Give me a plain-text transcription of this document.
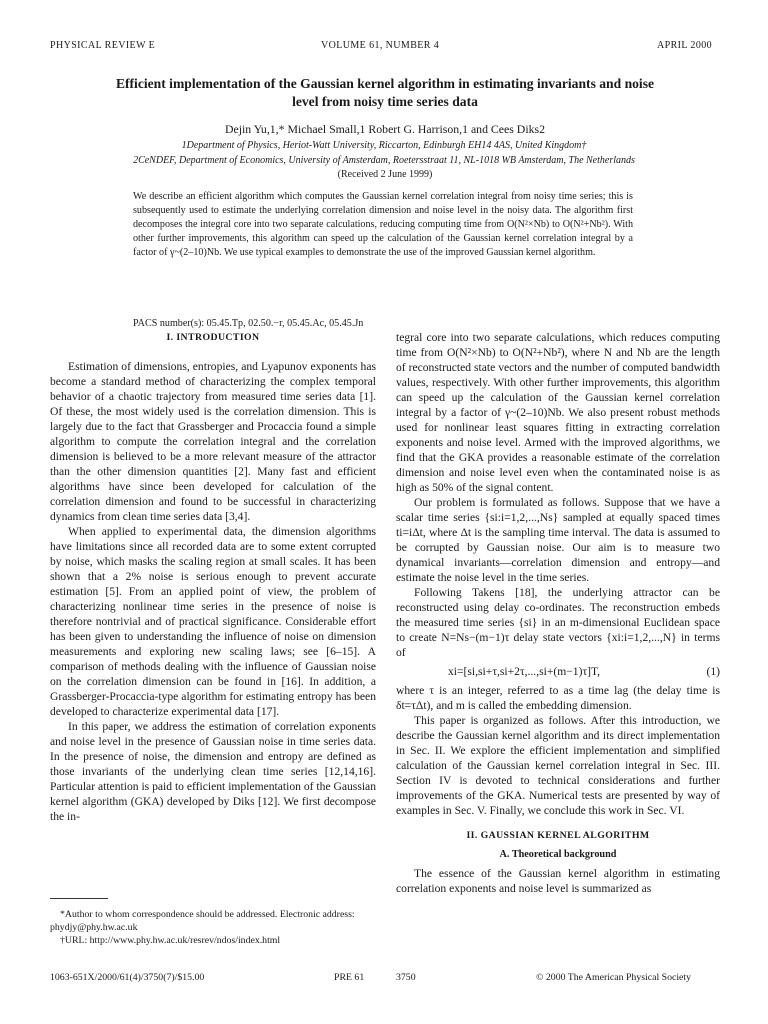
PHYSICAL REVIEW E	VOLUME 61, NUMBER 4	APRIL 2000
Efficient implementation of the Gaussian kernel algorithm in estimating invariants and noise
level from noisy time series data
Dejin Yu,1,* Michael Small,1 Robert G. Harrison,1 and Cees Diks2
1Department of Physics, Heriot-Watt University, Riccarton, Edinburgh EH14 4AS, United Kingdom†
2CeNDEF, Department of Economics, University of Amsterdam, Roetersstraat 11, NL-1018 WB Amsterdam, The Netherlands
(Received 2 June 1999)

We describe an efficient algorithm which computes the Gaussian kernel correlation integral from noisy time series; this is subsequently used to estimate the underlying correlation dimension and noise level in the noisy data. The algorithm first decomposes the integral core into two separate calculations, reducing computing time from O(N²×Nb) to O(N²+Nb²). With other further improvements, this algorithm can speed up the calculation of the Gaussian kernel correlation integral by a factor of γ~(2–10)Nb. We use typical examples to demonstrate the use of the improved Gaussian kernel algorithm.

PACS number(s): 05.45.Tp, 02.50.−r, 05.45.Ac, 05.45.Jn

I. INTRODUCTION

Estimation of dimensions, entropies, and Lyapunov exponents has become a standard method of characterizing the complex temporal behavior of a chaotic trajectory from measured time series data [1]. Of these, the most widely used is the correlation dimension. This is largely due to the fact that Grassberger and Procaccia found a simple algorithm to compute the correlation integral and the correlation dimension is believed to be a more relevant measure of the attractor than the other dimension quantities [2]. Many fast and efficient algorithms have since been developed for calculation of the correlation dimension and found to be successful in characterizing dynamics from clean time series data [3,4].

When applied to experimental data, the dimension algorithms have limitations since all recorded data are to some extent corrupted by noise, which masks the scaling region at small scales. It has been shown that a 2% noise is serious enough to prevent accurate estimation [5]. From an applied point of view, the problem of characterizing nonlinear time series in the presence of noise is therefore nontrivial and of practical significance. Considerable effort has been given to understanding the influence of noise on dimension measurements and exploring new scaling laws; see [6–15]. A comparison of methods dealing with the influence of Gaussian noise on the correlation dimension can be found in [16]. In addition, a Grassberger-Procaccia-type algorithm for estimating entropy has been developed to characterize experimental data [17].

In this paper, we address the estimation of correlation exponents and noise level in the presence of Gaussian noise in time series data. In the presence of noise, the dimension and entropy are defined as those invariants of the underlying clean time series [12,14,16]. Particular attention is paid to efficient implementation of the Gaussian kernel algorithm (GKA) developed by Diks [12]. We first decompose the in-

tegral core into two separate calculations, which reduces computing time from O(N²×Nb) to O(N²+Nb²), where N and Nb are the length of reconstructed state vectors and the number of computed bandwidth values, respectively. With other further improvements, this algorithm can speed up the calculation of the Gaussian kernel correlation integral by a factor of γ~(2–10)Nb. We also present robust methods used for nonlinear least squares fitting in extracting correlation exponents and noise level. Armed with the improved algorithms, we find that the GKA provides a reasonable estimate of the correlation dimension and noise level even when the contaminated noise is as high as 50% of the signal content.

Our problem is formulated as follows. Suppose that we have a scalar time series {si:i=1,2,...,Ns} sampled at equally spaced times ti=iΔt, where Δt is the sampling time interval. The data is assumed to be corrupted by Gaussian noise. Our aim is to measure two dynamical invariants—correlation dimension and entropy—and estimate the noise level in the time series.

Following Takens [18], the underlying attractor can be reconstructed using delay co-ordinates. The reconstruction embeds the measured time series {si} in an m-dimensional Euclidean space to create N=Ns−(m−1)τ delay state vectors {xi:i=1,2,...,N} in terms of

xi=[si,si+τ,si+2τ,...,si+(m−1)τ]T,	(1)

where τ is an integer, referred to as a time lag (the delay time is δt=τΔt), and m is called the embedding dimension.

This paper is organized as follows. After this introduction, we describe the Gaussian kernel algorithm and its direct implementation in Sec. II. We explore the efficient implementation and simplified calculation of the Gaussian kernel correlation integral in Sec. III. Section IV is devoted to technical considerations and further improvements of the GKA. Numerical tests are presented by way of examples in Sec. V. Finally, we conclude this work in Sec. VI.

II. GAUSSIAN KERNEL ALGORITHM

A. Theoretical background

The essence of the Gaussian kernel algorithm in estimating correlation exponents and noise level is summarized as

*Author to whom correspondence should be addressed. Electronic address: phydjy@phy.hw.ac.uk

†URL: http://www.phy.hw.ac.uk/resrev/ndos/index.html

1063-651X/2000/61(4)/3750(7)/$15.00	PRE 61	3750	© 2000 The American Physical Society
